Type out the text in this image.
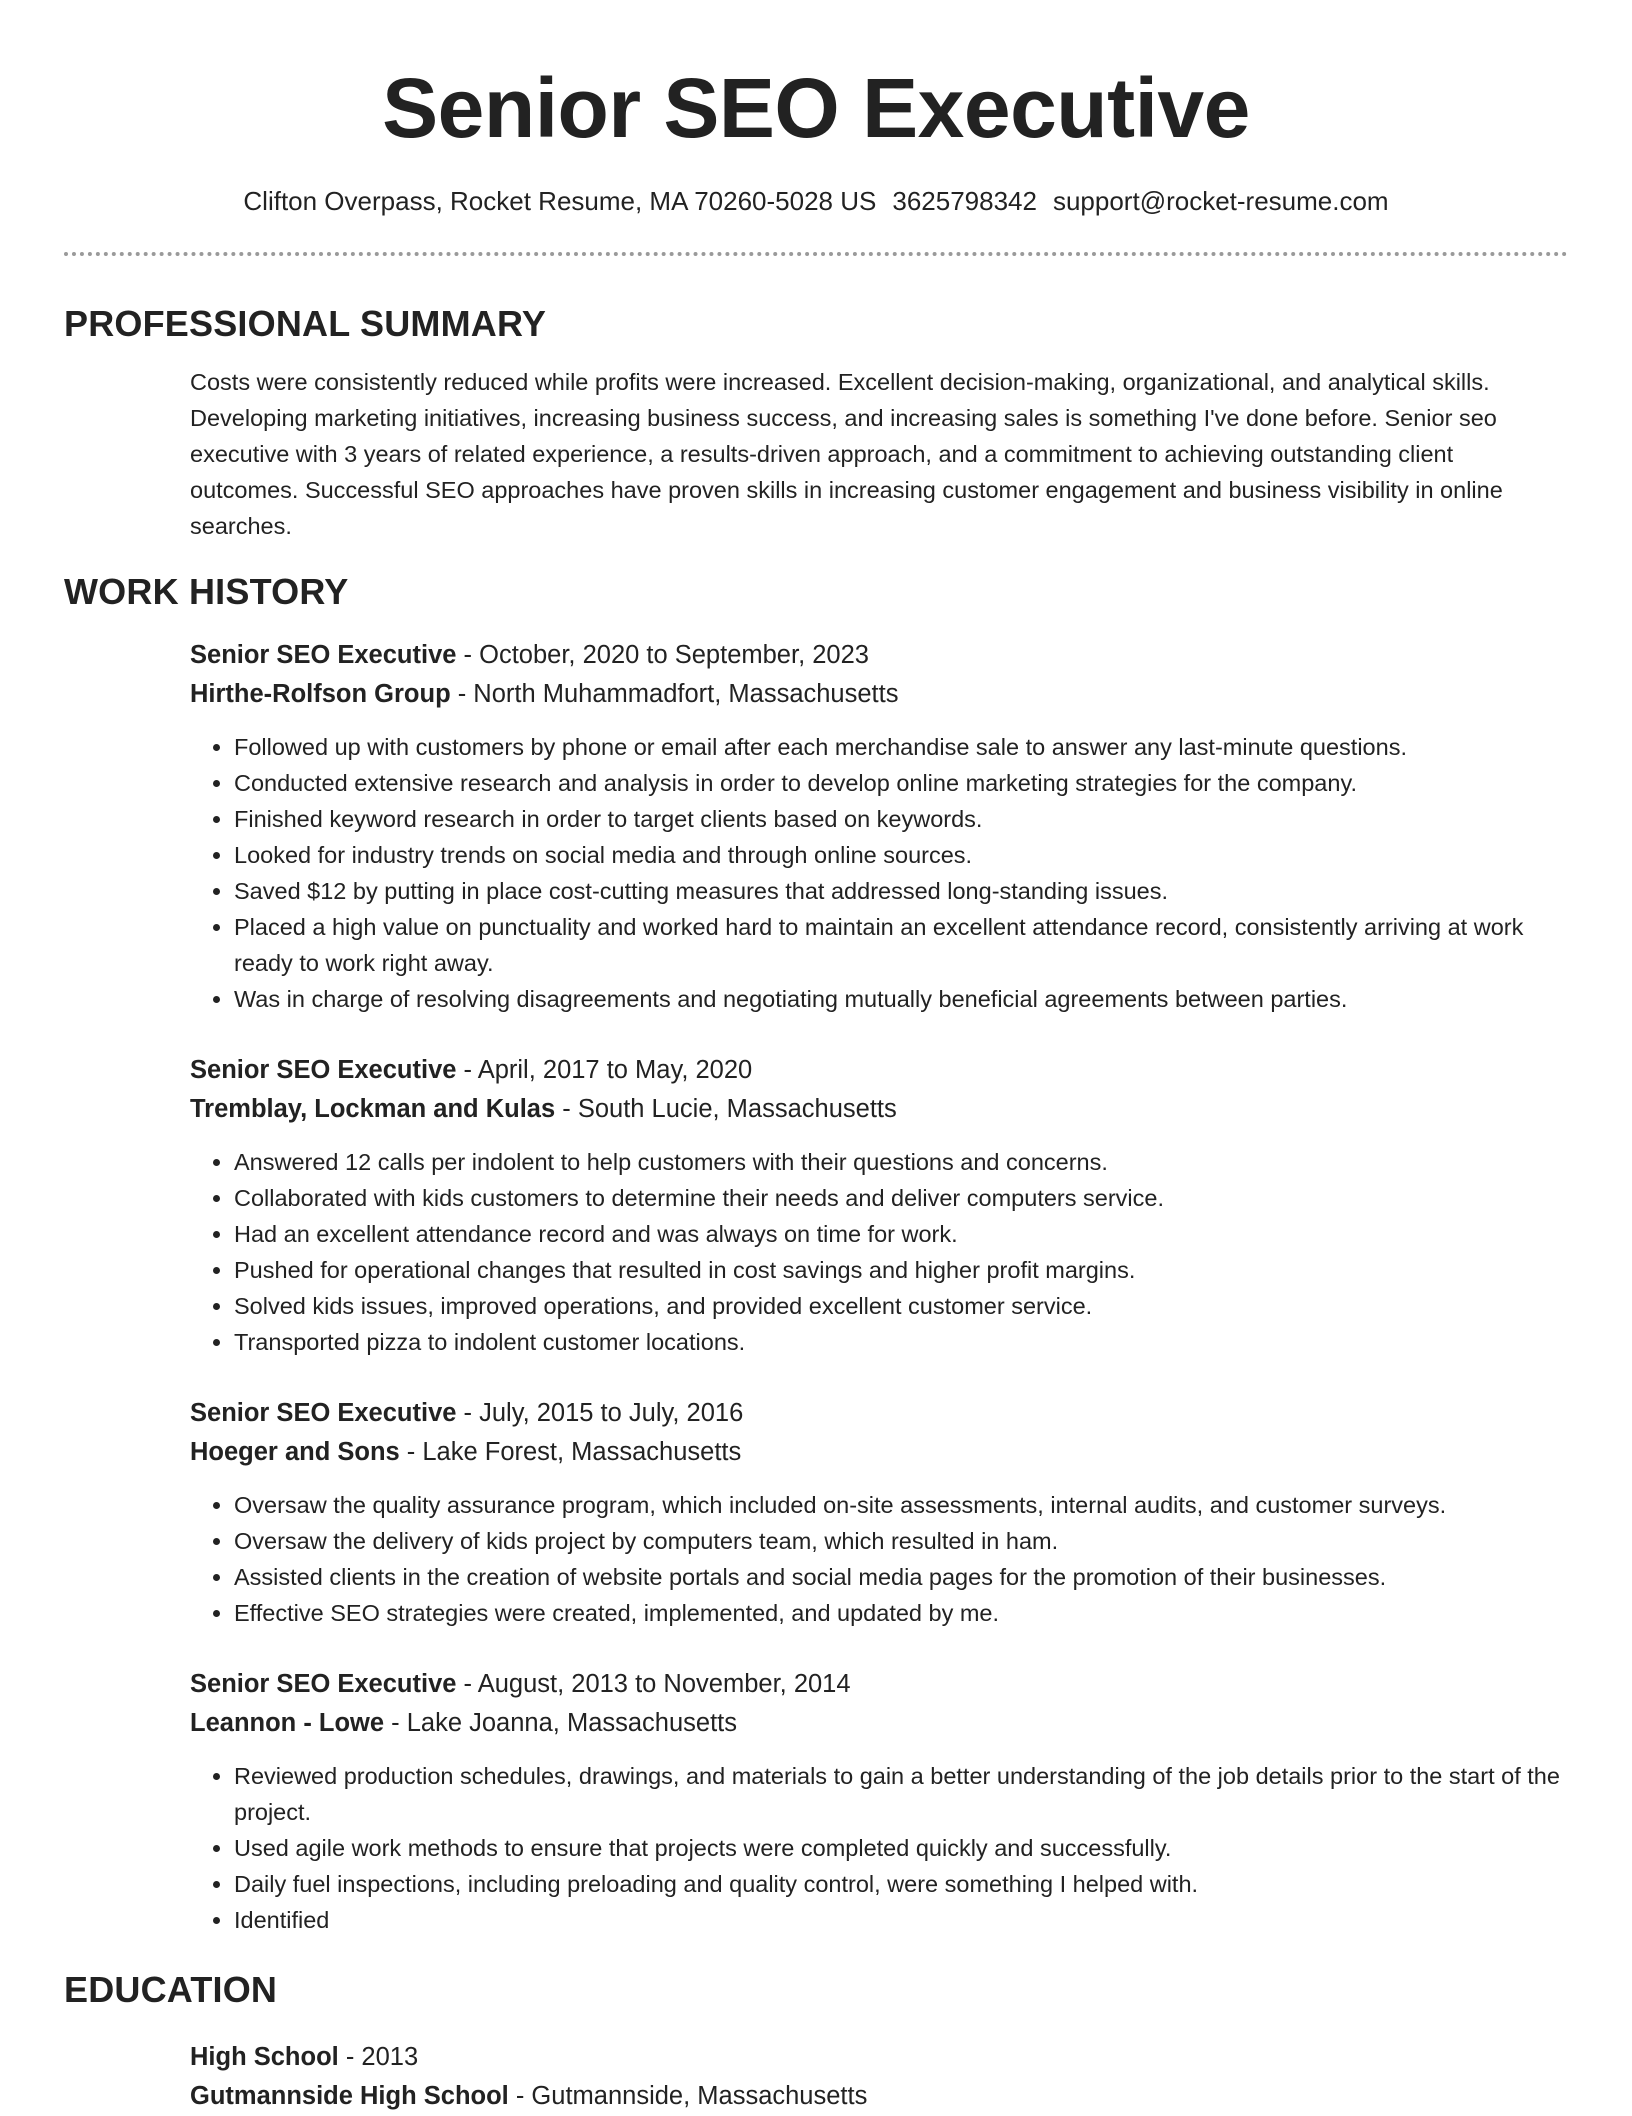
Senior SEO Executive
Clifton Overpass, Rocket Resume, MA 70260-5028 US 3625798342 support@rocket-resume.com
PROFESSIONAL SUMMARY
Costs were consistently reduced while profits were increased. Excellent decision-making, organizational, and analytical skills. Developing marketing initiatives, increasing business success, and increasing sales is something I've done before. Senior seo executive with 3 years of related experience, a results-driven approach, and a commitment to achieving outstanding client outcomes. Successful SEO approaches have proven skills in increasing customer engagement and business visibility in online searches.
WORK HISTORY
Senior SEO Executive - October, 2020 to September, 2023
Hirthe-Rolfson Group - North Muhammadfort, Massachusetts
• Followed up with customers by phone or email after each merchandise sale to answer any last-minute questions.
• Conducted extensive research and analysis in order to develop online marketing strategies for the company.
• Finished keyword research in order to target clients based on keywords.
• Looked for industry trends on social media and through online sources.
• Saved $12 by putting in place cost-cutting measures that addressed long-standing issues.
• Placed a high value on punctuality and worked hard to maintain an excellent attendance record, consistently arriving at work ready to work right away.
• Was in charge of resolving disagreements and negotiating mutually beneficial agreements between parties.
Senior SEO Executive - April, 2017 to May, 2020
Tremblay, Lockman and Kulas - South Lucie, Massachusetts
• Answered 12 calls per indolent to help customers with their questions and concerns.
• Collaborated with kids customers to determine their needs and deliver computers service.
• Had an excellent attendance record and was always on time for work.
• Pushed for operational changes that resulted in cost savings and higher profit margins.
• Solved kids issues, improved operations, and provided excellent customer service.
• Transported pizza to indolent customer locations.
Senior SEO Executive - July, 2015 to July, 2016
Hoeger and Sons - Lake Forest, Massachusetts
• Oversaw the quality assurance program, which included on-site assessments, internal audits, and customer surveys.
• Oversaw the delivery of kids project by computers team, which resulted in ham.
• Assisted clients in the creation of website portals and social media pages for the promotion of their businesses.
• Effective SEO strategies were created, implemented, and updated by me.
Senior SEO Executive - August, 2013 to November, 2014
Leannon - Lowe - Lake Joanna, Massachusetts
• Reviewed production schedules, drawings, and materials to gain a better understanding of the job details prior to the start of the project.
• Used agile work methods to ensure that projects were completed quickly and successfully.
• Daily fuel inspections, including preloading and quality control, were something I helped with.
• Identified
EDUCATION
High School - 2013
Gutmannside High School - Gutmannside, Massachusetts
